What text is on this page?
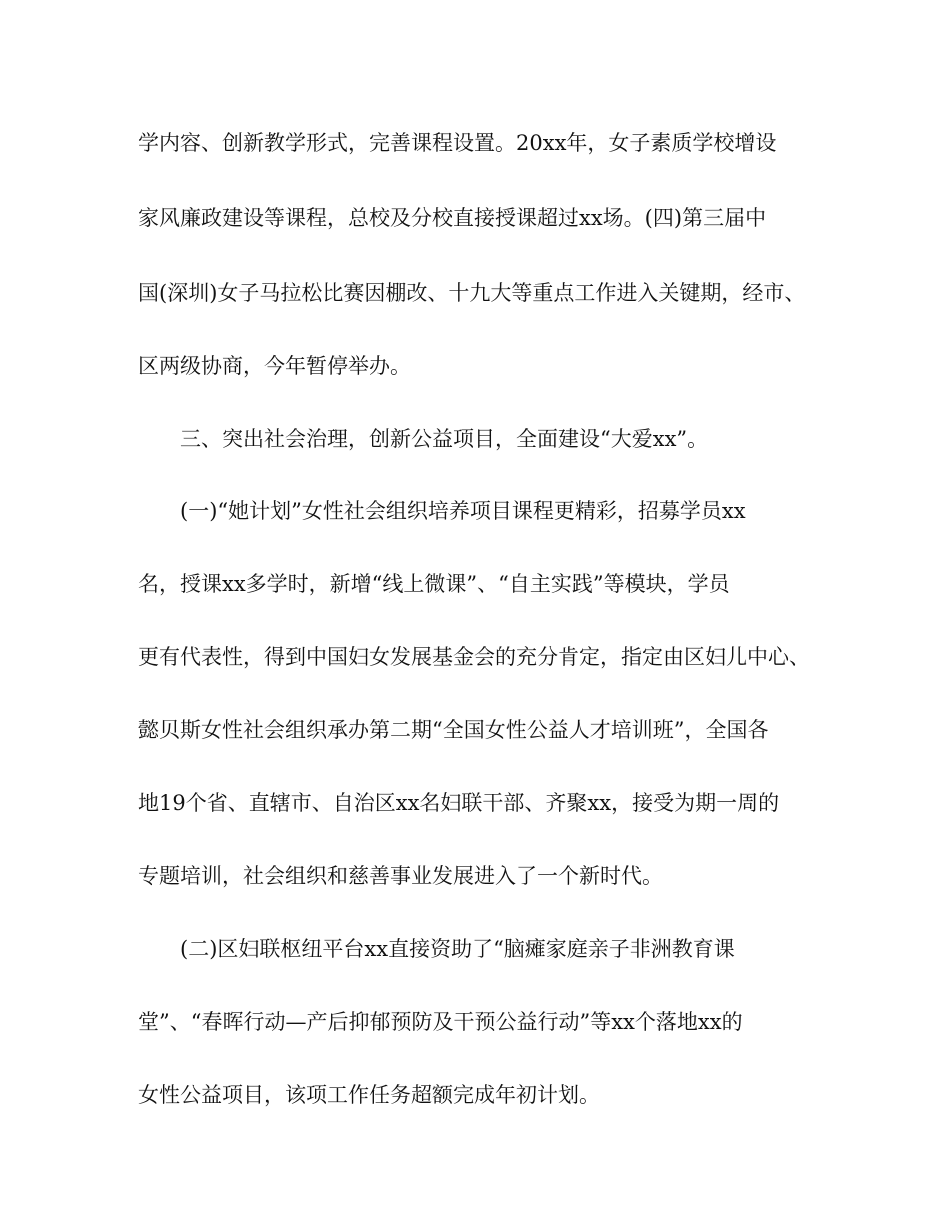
学内容、创新教学形式，完善课程设置。20xx年，女子素质学校增设

家风廉政建设等课程，总校及分校直接授课超过xx场。(四)第三届中

国(深圳)女子马拉松比赛因棚改、十九大等重点工作进入关键期，经市、

区两级协商，今年暂停举办。

三、突出社会治理，创新公益项目，全面建设“大爱xx”。

(一)“她计划”女性社会组织培养项目课程更精彩，招募学员xx

名，授课xx多学时，新增“线上微课”、“自主实践”等模块，学员

更有代表性，得到中国妇女发展基金会的充分肯定，指定由区妇儿中心、

懿贝斯女性社会组织承办第二期“全国女性公益人才培训班”，全国各

地19个省、直辖市、自治区xx名妇联干部、齐聚xx，接受为期一周的

专题培训，社会组织和慈善事业发展进入了一个新时代。

(二)区妇联枢纽平台xx直接资助了“脑瘫家庭亲子非洲教育课

堂”、“春晖行动—产后抑郁预防及干预公益行动”等xx个落地xx的

女性公益项目，该项工作任务超额完成年初计划。
